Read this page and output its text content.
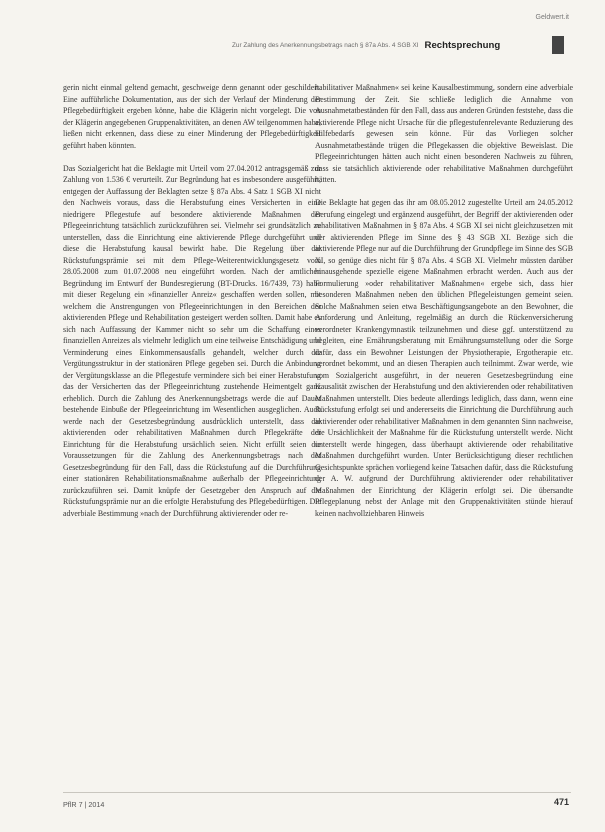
Geldwert.it
Zur Zahlung des Anerkennungsbetrags nach § 87a Abs. 4 SGB XI Rechtsprechung

gerin nicht einmal geltend gemacht, geschweige denn genannt oder geschildert. Eine aufführliche Dokumentation, aus der sich der Verlauf der Minderung der Pflegebedürftigkeit ergeben könne, habe die Klägerin nicht vorgelegt. Die von der Klägerin angegebenen Gruppenaktivitäten, an denen AW teilgenommen habe, ließen nicht erkennen, dass diese zu einer Minderung der Pflegebedürftigkeit geführt haben könnten.

Das Sozialgericht hat die Beklagte mit Urteil vom 27.04.2012 antragsgemäß zur Zahlung von 1.536 € verurteilt. Zur Begründung hat es insbesondere ausgeführt, entgegen der Auffassung der Beklagten setze § 87a Abs. 4 Satz 1 SGB XI nicht den Nachweis voraus, dass die Herabstufung eines Versicherten in eine niedrigere Pflegestufe auf besondere aktivierende Maßnahmen der Pflegeeinrichtung tatsächlich zurückzuführen sei. Vielmehr sei grundsätzlich zu unterstellen, dass die Einrichtung eine aktivierende Pflege durchgeführt und diese die Herabstufung kausal bewirkt habe. Die Regelung über die Rückstufungsprämie sei mit dem Pflege-Weiterentwicklungsgesetz vom 28.05.2008 zum 01.07.2008 neu eingeführt worden. Nach der amtlichen Begründung im Entwurf der Bundesregierung (BT-Drucks. 16/7439, 73) habe mit dieser Regelung ein »finanzieller Anreiz« geschaffen werden sollen, mit welchem die Anstrengungen von Pflegeeinrichtungen in den Bereichen der aktivierenden Pflege und Rehabilitation gesteigert werden sollten. Damit habe es sich nach Auffassung der Kammer nicht so sehr um die Schaffung eines finanziellen Anreizes als vielmehr lediglich um eine teilweise Entschädigung und Verminderung eines Einkommensausfalls gehandelt, welcher durch die Vergütungsstruktur in der stationären Pflege gegeben sei. Durch die Anbindung der Vergütungsklasse an die Pflegestufe vermindere sich bei einer Herabstufung das der Versicherten das der Pflegeeinrichtung zustehende Heimentgelt ganz erheblich. Durch die Zahlung des Anerkennungsbetrags werde die auf Dauer bestehende Einbuße der Pflegeeinrichtung im Wesentlichen ausgeglichen. Auch werde nach der Gesetzesbegründung ausdrücklich unterstellt, dass die aktivierenden oder rehabilitativen Maßnahmen durch Pflegekräfte der Einrichtung für die Herabstufung ursächlich seien. Nicht erfüllt seien die Voraussetzungen für die Zahlung des Anerkennungsbetrags nach der Gesetzesbegründung für den Fall, dass die Rückstufung auf die Durchführung einer stationären Rehabilitationsmaßnahme außerhalb der Pflegeeinrichtung zurückzuführen sei. Damit knüpfe der Gesetzgeber den Anspruch auf die Rückstufungsprämie nur an die erfolgte Herabstufung des Pflegebedürftigen. Die adverbiale Bestimmung »nach der Durchführung aktivierender oder re-

habilitativer Maßnahmen« sei keine Kausalbestimmung, sondern eine adverbiale Bestimmung der Zeit. Sie schließe lediglich die Annahme von Ausnahmetatbeständen für den Fall, dass aus anderen Gründen feststehe, dass die aktivierende Pflege nicht Ursache für die pflegestufenrelevante Reduzierung des Hilfebedarfs gewesen sein könne. Für das Vorliegen solcher Ausnahmetatbestände trügen die Pflegekassen die objektive Beweislast. Die Pflegeeinrichtungen hätten auch nicht einen besonderen Nachweis zu führen, dass sie tatsächlich aktivierende oder rehabilitative Maßnahmen durchgeführt hätten.

Die Beklagte hat gegen das ihr am 08.05.2012 zugestellte Urteil am 24.05.2012 Berufung eingelegt und ergänzend ausgeführt, der Begriff der aktivierenden oder rehabilitativen Maßnahmen in § 87a Abs. 4 SGB XI sei nicht gleichzusetzen mit der aktivierenden Pflege im Sinne des § 43 SGB XI. Bezöge sich die aktivierende Pflege nur auf die Durchführung der Grundpflege im Sinne des SGB XI, so genüge dies nicht für § 87a Abs. 4 SGB XI. Vielmehr müssten darüber hinausgehende spezielle eigene Maßnahmen erbracht werden. Auch aus der Formulierung »oder rehabilitativer Maßnahmen« ergebe sich, dass hier besonderen Maßnahmen neben den üblichen Pflegeleistungen gemeint seien. Solche Maßnahmen seien etwa Beschäftigungsangebote an den Bewohner, die Anforderung und Anleitung, regelmäßig an durch die Rückenversicherung verordneter Krankengymnastik teilzunehmen und diese ggf. unterstützend zu begleiten, eine Ernährungsberatung mit Ernährungsumstellung oder die Sorge dafür, dass ein Bewohner Leistungen der Physiotherapie, Ergotherapie etc. verordnet bekommt, und an diesen Therapien auch teilnimmt. Zwar werde, wie vom Sozialgericht ausgeführt, in der neueren Gesetzesbegründung eine Kausalität zwischen der Herabstufung und den aktivierenden oder rehabilitativen Maßnahmen unterstellt. Dies bedeute allerdings lediglich, dass dann, wenn eine Rückstufung erfolgt sei und andererseits die Einrichtung die Durchführung auch aktivierender oder rehabilitativer Maßnahmen in dem genannten Sinn nachweise, die Ursächlichkeit der Maßnahme für die Rückstufung unterstellt werde. Nicht unterstellt werde hingegen, dass überhaupt aktivierende oder rehabilitative Maßnahmen durchgeführt wurden. Unter Berücksichtigung dieser rechtlichen Gesichtspunkte sprächen vorliegend keine Tatsachen dafür, dass die Rückstufung der A. W. aufgrund der Durchführung aktivierender oder rehabilitativer Maßnahmen der Einrichtung der Klägerin erfolgt sei. Die übersandte Pflegeplanung nebst der Anlage mit den Gruppenaktivitäten stünde hierauf keinen nachvollziehbaren Hinweis

PflR 7 | 2014	471
